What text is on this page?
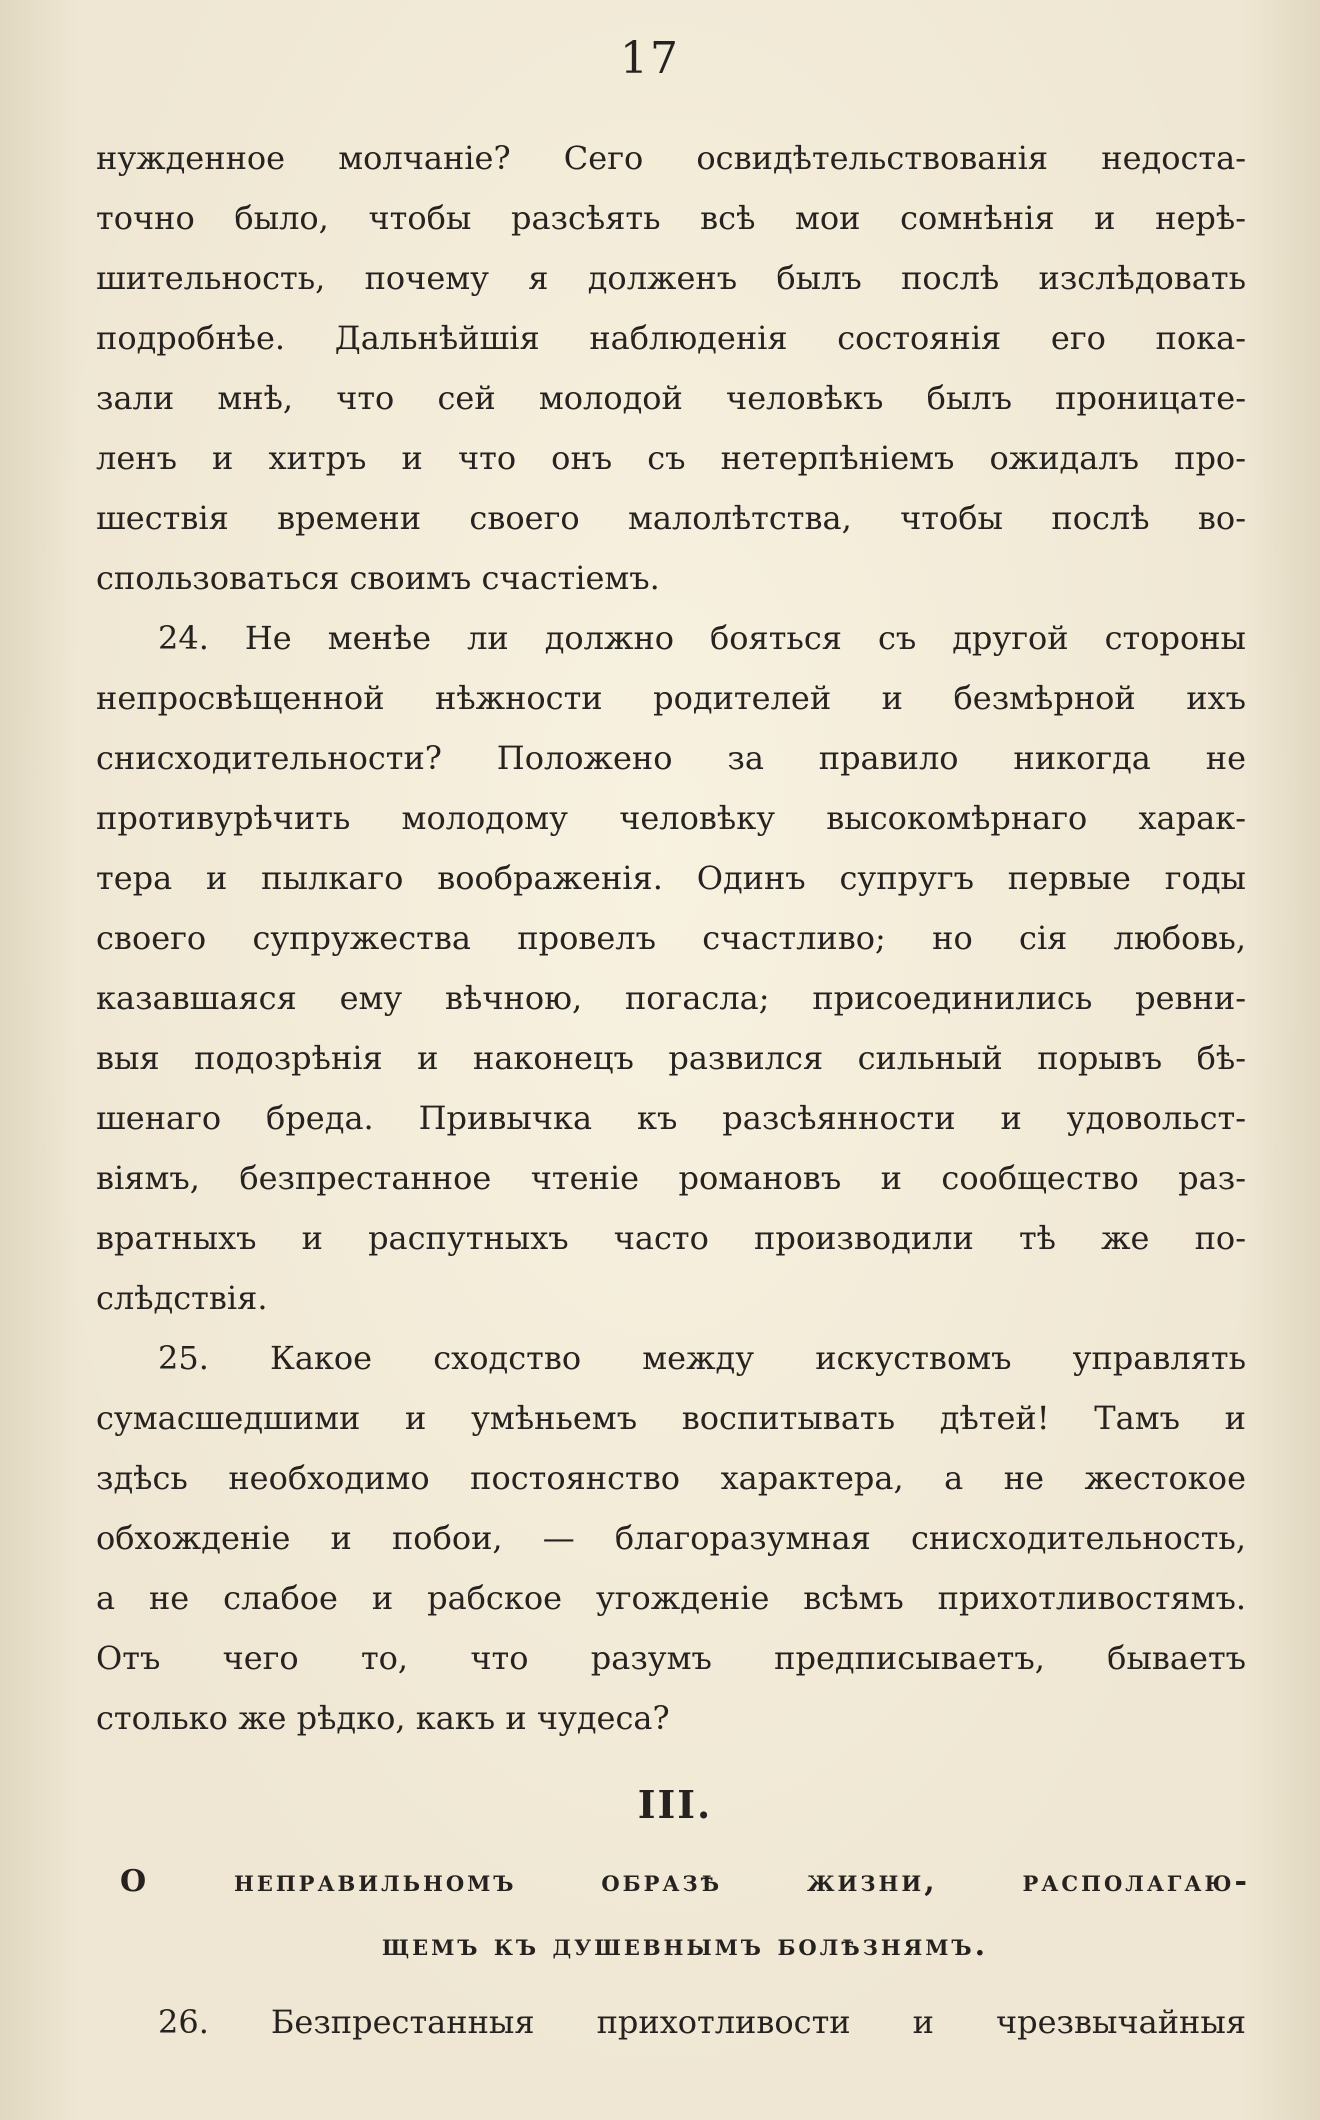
17
нужденное молчаніе? Сего освидѣтельствованія недоста-
точно было, чтобы разсѣять всѣ мои сомнѣнія и нерѣ-
шительность, почему я долженъ былъ послѣ изслѣдовать
подробнѣе. Дальнѣйшія наблюденія состоянія его пока-
зали мнѣ, что сей молодой человѣкъ былъ проницате-
ленъ и хитръ и что онъ съ нетерпѣніемъ ожидалъ про-
шествія времени своего малолѣтства, чтобы послѣ во-
спользоваться своимъ счастіемъ.
24. Не менѣе ли должно бояться съ другой стороны
непросвѣщенной нѣжности родителей и безмѣрной ихъ
снисходительности? Положено за правило никогда не
противурѣчить молодому человѣку высокомѣрнаго харак-
тера и пылкаго воображенія. Одинъ супругъ первые годы
своего супружества провелъ счастливо; но сія любовь,
казавшаяся ему вѣчною, погасла; присоединились ревни-
выя подозрѣнія и наконецъ развился сильный порывъ бѣ-
шенаго бреда. Привычка къ разсѣянности и удовольст-
віямъ, безпрестанное чтеніе романовъ и сообщество раз-
вратныхъ и распутныхъ часто производили тѣ же по-
слѣдствія.
25. Какое сходство между искуствомъ управлять
сумасшедшими и умѣньемъ воспитывать дѣтей! Тамъ и
здѣсь необходимо постоянство характера, а не жестокое
обхожденіе и побои, — благоразумная снисходительность,
а не слабое и рабское угожденіе всѣмъ прихотливостямъ.
Отъ чего то, что разумъ предписываетъ, бываетъ
столько же рѣдко, какъ и чудеса?
III.
О неправильномъ образѣ жизни, располагаю-
щемъ къ душевнымъ болѣзнямъ.
26. Безпрестанныя прихотливости и чрезвычайныя
